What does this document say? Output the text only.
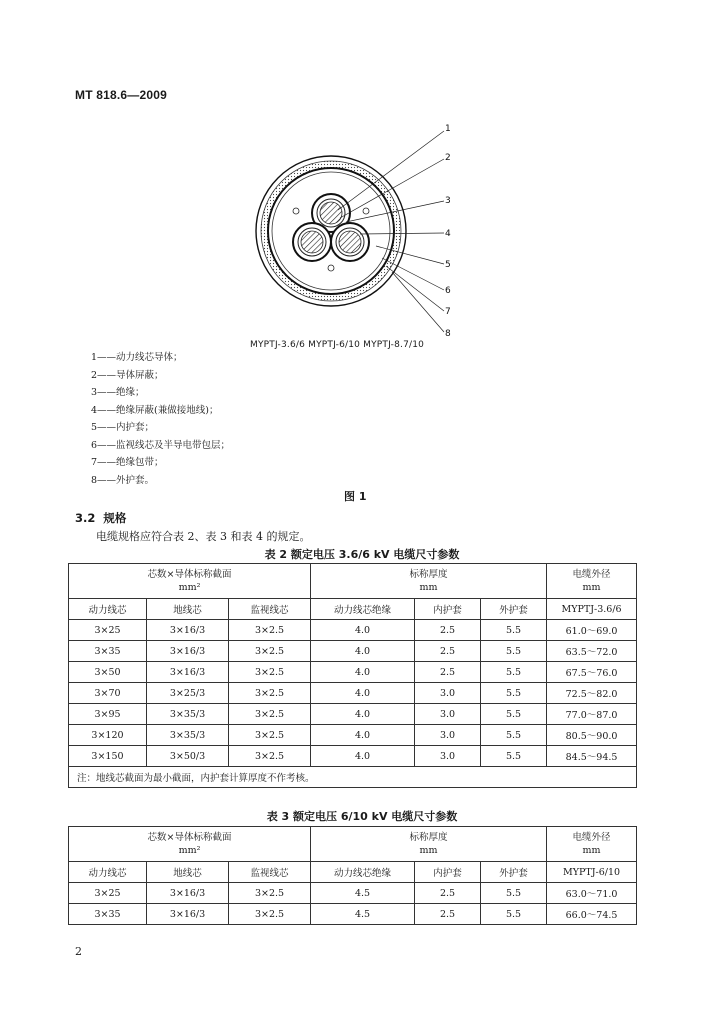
MT 818.6—2009
1
2
3
4
5
6
7
8
MYPTJ-3.6/6 MYPTJ-6/10 MYPTJ-8.7/10
1——动力线芯导体；
2——导体屏蔽；
3——绝缘；
4——绝缘屏蔽(兼做接地线)；
5——内护套；
6——监视线芯及半导电带包层；
7——绝缘包带；
8——外护套。
图 1
3.2 规格
电缆规格应符合表 2、表 3 和表 4 的规定。
表 2 额定电压 3.6/6 kV 电缆尺寸参数
芯数×导体标称截面
mm²			标称厚度
mm			电缆外径
mm
动力线芯	地线芯	监视线芯	动力线芯绝缘	内护套	外护套	MYPTJ-3.6/6
3×25	3×16/3	3×2.5	4.0	2.5	5.5	61.0～69.0
3×35	3×16/3	3×2.5	4.0	2.5	5.5	63.5～72.0
3×50	3×16/3	3×2.5	4.0	2.5	5.5	67.5～76.0
3×70	3×25/3	3×2.5	4.0	3.0	5.5	72.5～82.0
3×95	3×35/3	3×2.5	4.0	3.0	5.5	77.0～87.0
3×120	3×35/3	3×2.5	4.0	3.0	5.5	80.5～90.0
3×150	3×50/3	3×2.5	4.0	3.0	5.5	84.5～94.5
注：地线芯截面为最小截面，内护套计算厚度不作考核。						
表 3 额定电压 6/10 kV 电缆尺寸参数
芯数×导体标称截面
mm²			标称厚度
mm			电缆外径
mm
动力线芯	地线芯	监视线芯	动力线芯绝缘	内护套	外护套	MYPTJ-6/10
3×25	3×16/3	3×2.5	4.5	2.5	5.5	63.0～71.0
3×35	3×16/3	3×2.5	4.5	2.5	5.5	66.0～74.5
2
